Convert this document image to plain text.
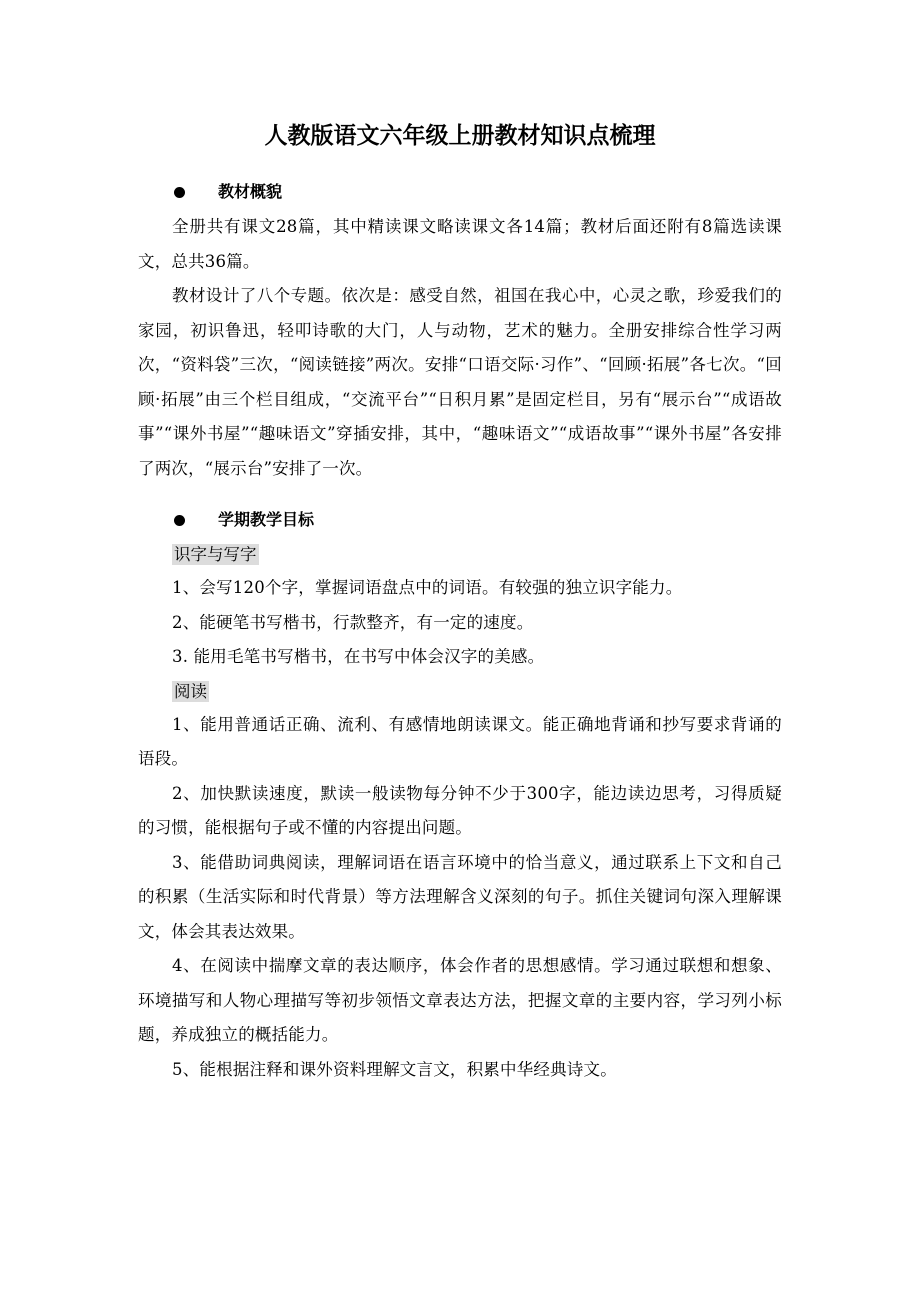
人教版语文六年级上册教材知识点梳理
教材概貌

全册共有课文28篇，其中精读课文略读课文各14篇；教材后面还附有8篇选读课文，总共36篇。

教材设计了八个专题。依次是：感受自然，祖国在我心中，心灵之歌，珍爱我们的家园，初识鲁迅，轻叩诗歌的大门，人与动物，艺术的魅力。全册安排综合性学习两次，“资料袋”三次，“阅读链接”两次。安排“口语交际·习作”、“回顾·拓展”各七次。“回顾·拓展”由三个栏目组成，“交流平台”“日积月累”是固定栏目，另有“展示台”“成语故事”“课外书屋”“趣味语文”穿插安排，其中，“趣味语文”“成语故事”“课外书屋”各安排了两次，“展示台”安排了一次。

学期教学目标
识字与写字

1、会写120个字，掌握词语盘点中的词语。有较强的独立识字能力。

2、能硬笔书写楷书，行款整齐，有一定的速度。

3. 能用毛笔书写楷书，在书写中体会汉字的美感。

阅读

1、能用普通话正确、流利、有感情地朗读课文。能正确地背诵和抄写要求背诵的语段。

2、加快默读速度，默读一般读物每分钟不少于300字，能边读边思考，习得质疑的习惯，能根据句子或不懂的内容提出问题。

3、能借助词典阅读，理解词语在语言环境中的恰当意义，通过联系上下文和自己的积累（生活实际和时代背景）等方法理解含义深刻的句子。抓住关键词句深入理解课文，体会其表达效果。

4、在阅读中揣摩文章的表达顺序，体会作者的思想感情。学习通过联想和想象、环境描写和人物心理描写等初步领悟文章表达方法，把握文章的主要内容，学习列小标题，养成独立的概括能力。

5、能根据注释和课外资料理解文言文，积累中华经典诗文。
